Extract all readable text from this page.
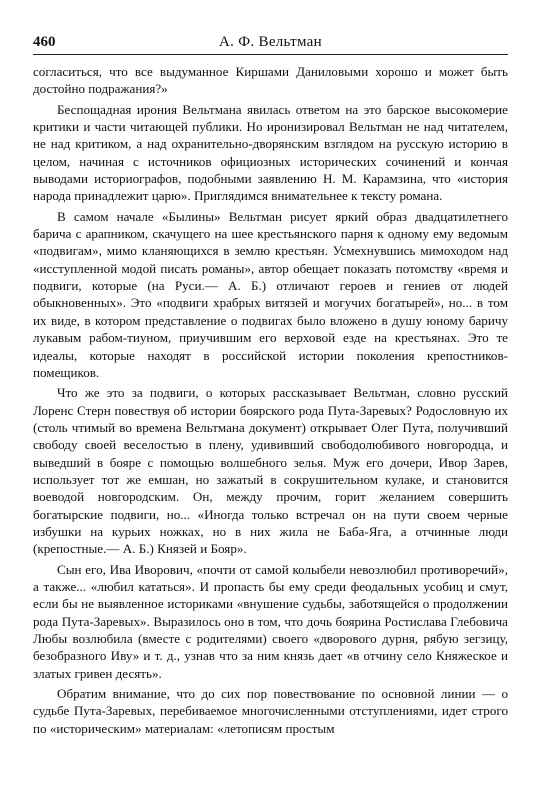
460	А. Ф. Вельтман

согласиться, что все выдуманное Киршами Даниловыми хорошо и может быть достойно подражания?»

Беспощадная ирония Вельтмана явилась ответом на это барское высокомерие критики и части читающей публики. Но иронизировал Вельтман не над читателем, не над критиком, а над охранительно-дворянским взглядом на русскую историю в целом, начиная с источников официозных исторических сочинений и кончая выводами историографов, подобными заявлению Н. М. Карамзина, что «история народа принадлежит царю». Приглядимся внимательнее к тексту романа.

В самом начале «Былины» Вельтман рисует яркий образ двадцатилетнего барича с арапником, скачущего на шее крестьянского парня к одному ему ведомым «подвигам», мимо кланяющихся в землю крестьян. Усмехнувшись мимоходом над «исступленной модой писать романы», автор обещает показать потомству «время и подвиги, которые (на Руси.— А. Б.) отличают героев и гениев от людей обыкновенных». Это «подвиги храбрых витязей и могучих богатырей», но... в том их виде, в котором представление о подвигах было вложено в душу юному баричу лукавым рабом-тиуном, приучившим его верховой езде на крестьянах. Это те идеалы, которые находят в российской истории поколения крепостников-помещиков.

Что же это за подвиги, о которых рассказывает Вельтман, словно русский Лоренс Стерн повествуя об истории боярского рода Пута-Заревых? Родословную их (столь чтимый во времена Вельтмана документ) открывает Олег Пута, получивший свободу своей веселостью в плену, удививший свободолюбивого новгородца, и выведший в бояре с помощью волшебного зелья. Муж его дочери, Ивор Зарев, использует тот же емшан, но зажатый в сокрушительном кулаке, и становится воеводой новгородским. Он, между прочим, горит желанием совершить богатырские подвиги, но... «Иногда только встречал он на пути своем черные избушки на курьих ножках, но в них жила не Баба-Яга, а отчинные люди (крепостные.— А. Б.) Князей и Бояр».

Сын его, Ива Иворович, «почти от самой колыбели невозлюбил противоречий», а также... «любил кататься». И пропасть бы ему среди феодальных усобиц и смут, если бы не выявленное историками «внушение судьбы, заботящейся о продолжении рода Пута-Заревых». Выразилось оно в том, что дочь боярина Ростислава Глебовича Любы возлюбила (вместе с родителями) своего «дворового дурня, рябую зегзицу, безобразного Иву» и т. д., узнав что за ним князь дает «в отчину село Княжеское и златых гривен десять».

Обратим внимание, что до сих пор повествование по основной линии — о судьбе Пута-Заревых, перебиваемое многочисленными отступлениями, идет строго по «историческим» материалам: «летописям простым
